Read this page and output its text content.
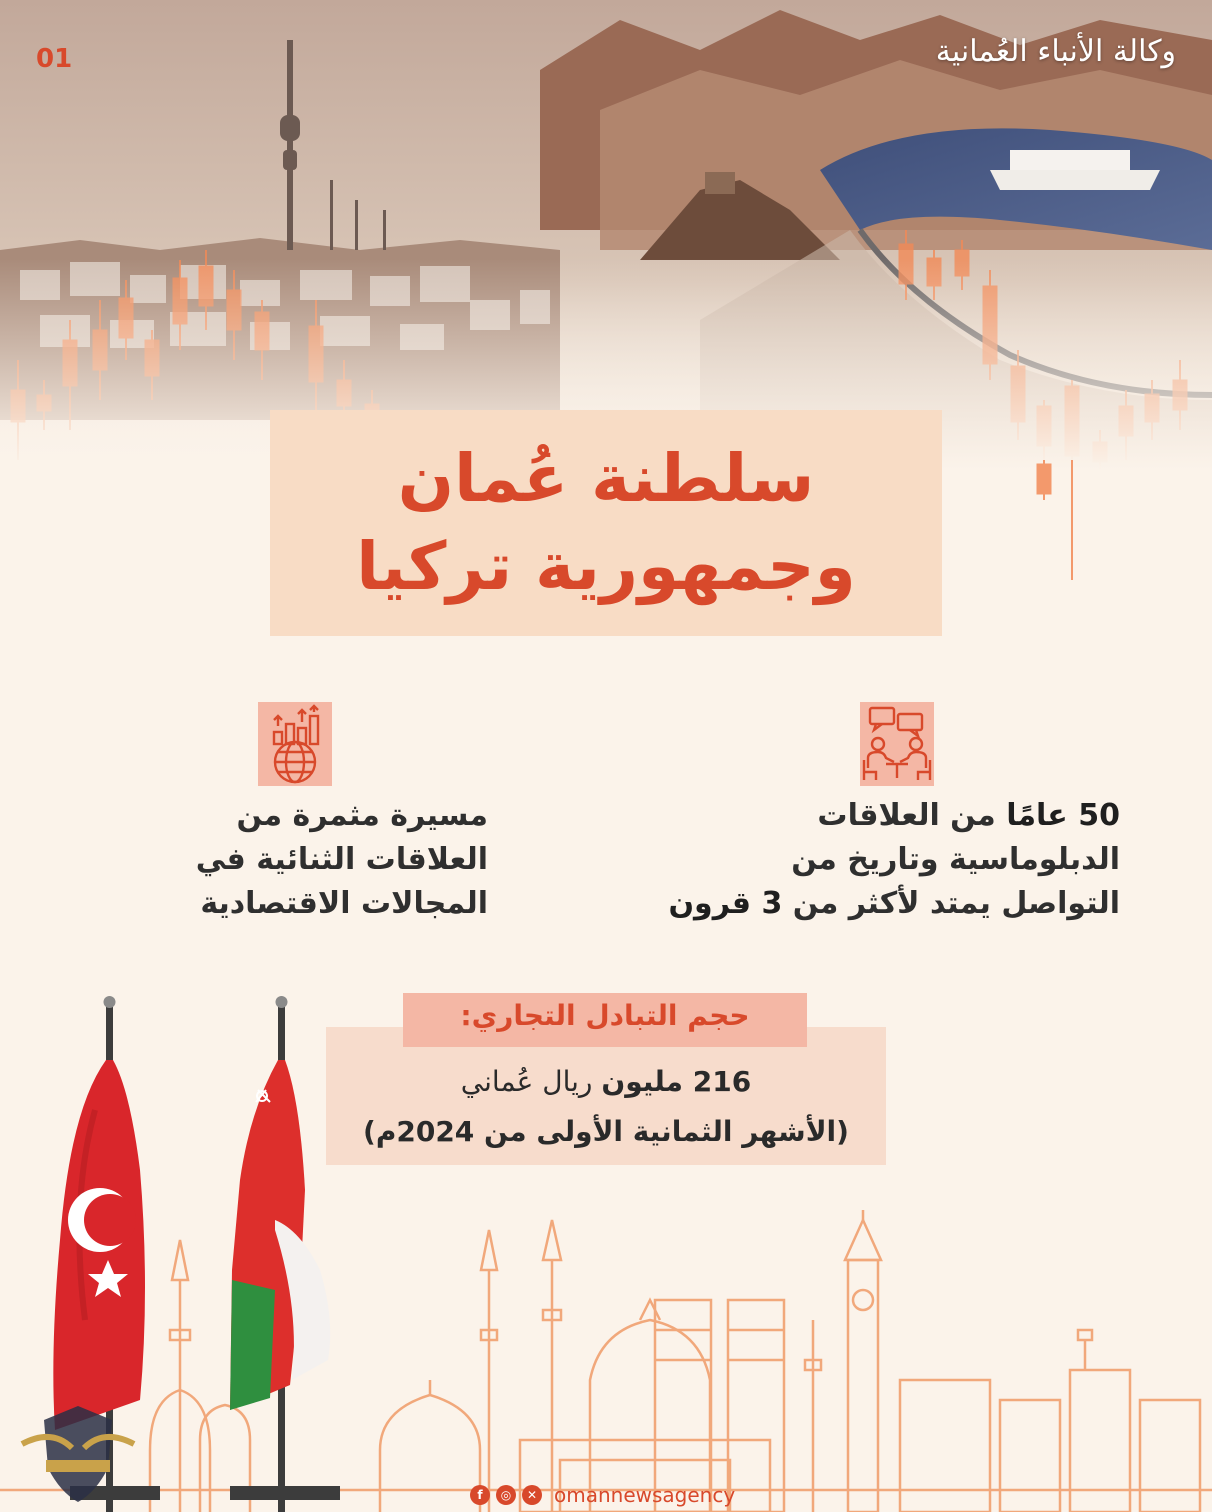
01	وكالة الأنباء العُمانية
سلطنة عُمان
وجمهورية تركيا
مسيرة مثمرة من
العلاقات الثنائية في
المجالات الاقتصادية
50 عامًا من العلاقات
الدبلوماسية وتاريخ من
التواصل يمتد لأكثر من 3 قرون
216 مليون ريال عُماني
(الأشهر الثمانية الأولى من 2024م)
حجم التبادل التجاري:
f	◎	✕ omannewsagency
